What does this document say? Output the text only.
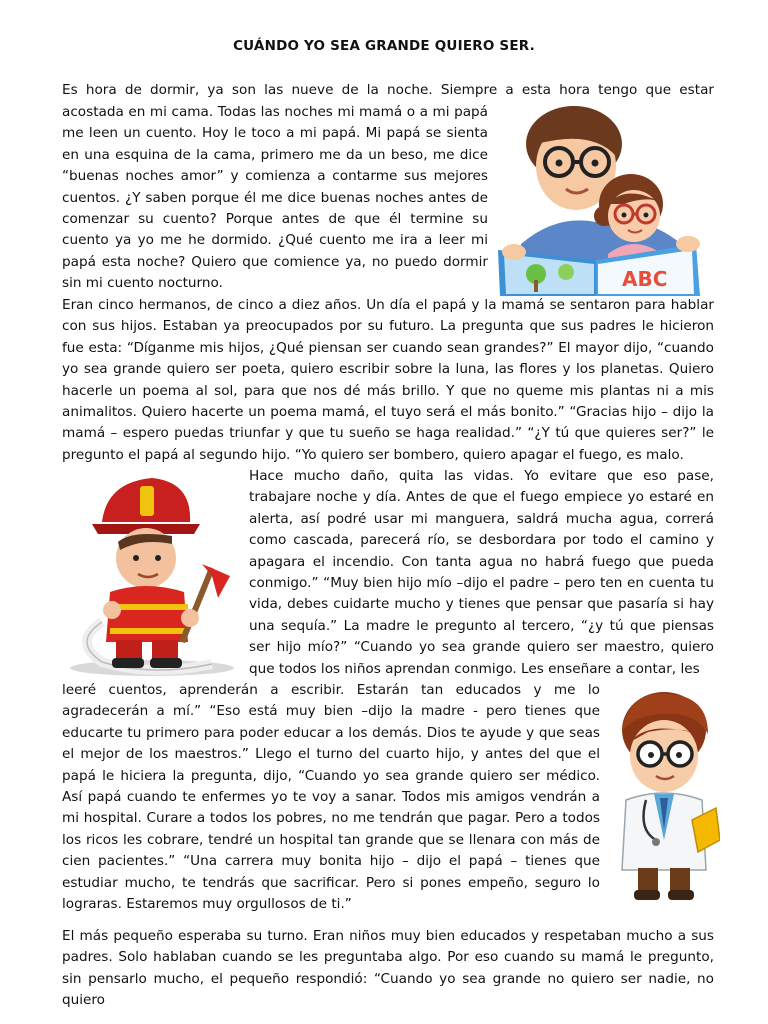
CUÁNDO YO SEA GRANDE QUIERO SER.
Es hora de dormir, ya son las nueve de la noche. Siempre a esta hora tengo que estar
acostada en mi cama. Todas las noches mi mamá o a mi papá me leen un cuento. Hoy le toco a mi papá. Mi papá se sienta en una esquina de la cama, primero me da un beso, me dice “buenas noches amor” y comienza a contarme sus mejores cuentos. ¿Y saben porque él me dice buenas noches antes de comenzar su cuento? Porque antes de que él termine su cuento ya yo me he dormido. ¿Qué cuento me ira a leer mi papá esta noche? Quiero que comience ya, no puedo dormir sin mi cuento nocturno.	ABC
Eran cinco hermanos, de cinco a diez años. Un día el papá y la mamá se sentaron para hablar con sus hijos. Estaban ya preocupados por su futuro. La pregunta que sus padres le hicieron fue esta: “Díganme mis hijos, ¿Qué piensan ser cuando sean grandes?” El mayor dijo, “cuando yo sea grande quiero ser poeta, quiero escribir sobre la luna, las flores y los planetas. Quiero hacerle un poema al sol, para que nos dé más brillo. Y que no queme mis plantas ni a mis animalitos. Quiero hacerte un poema mamá, el tuyo será el más bonito.” “Gracias hijo – dijo la mamá – espero puedas triunfar y que tu sueño se haga realidad.” “¿Y tú que quieres ser?” le pregunto el papá al segundo hijo. “Yo quiero ser bombero, quiero apagar el fuego, es malo.
Hace mucho daño, quita las vidas. Yo evitare que eso pase, trabajare noche y día. Antes de que el fuego empiece yo estaré en alerta, así podré usar mi manguera, saldrá mucha agua, correrá como cascada, parecerá río, se desbordara por todo el camino y apagara el incendio. Con tanta agua no habrá fuego que pueda conmigo.” “Muy bien hijo mío –dijo el padre – pero ten en cuenta tu vida, debes cuidarte mucho y tienes que pensar que pasaría si hay una sequía.” La madre le pregunto al tercero, “¿y tú que piensas ser hijo mío?” “Cuando yo sea grande quiero ser maestro, quiero que todos los niños aprendan conmigo. Les enseñare a contar, les
leeré cuentos, aprenderán a escribir. Estarán tan educados y me lo agradecerán a mí.” “Eso está muy bien –dijo la madre - pero tienes que educarte tu primero para poder educar a los demás. Dios te ayude y que seas el mejor de los maestros.” Llego el turno del cuarto hijo, y antes del que el papá le hiciera la pregunta, dijo, “Cuando yo sea grande quiero ser médico. Así papá cuando te enfermes yo te voy a sanar. Todos mis amigos vendrán a mi hospital. Curare a todos los pobres, no me tendrán que pagar. Pero a todos los ricos les cobrare, tendré un hospital tan grande que se llenara con más de cien pacientes.” “Una carrera muy bonita hijo – dijo el papá – tienes que estudiar mucho, te tendrás que sacrificar. Pero si pones empeño, seguro lo lograras. Estaremos muy orgullosos de ti.”
El más pequeño esperaba su turno. Eran niños muy bien educados y respetaban mucho a sus padres. Solo hablaban cuando se les preguntaba algo. Por eso cuando su mamá le pregunto, sin pensarlo mucho, el pequeño respondió: “Cuando yo sea grande no quiero ser nadie, no quiero
